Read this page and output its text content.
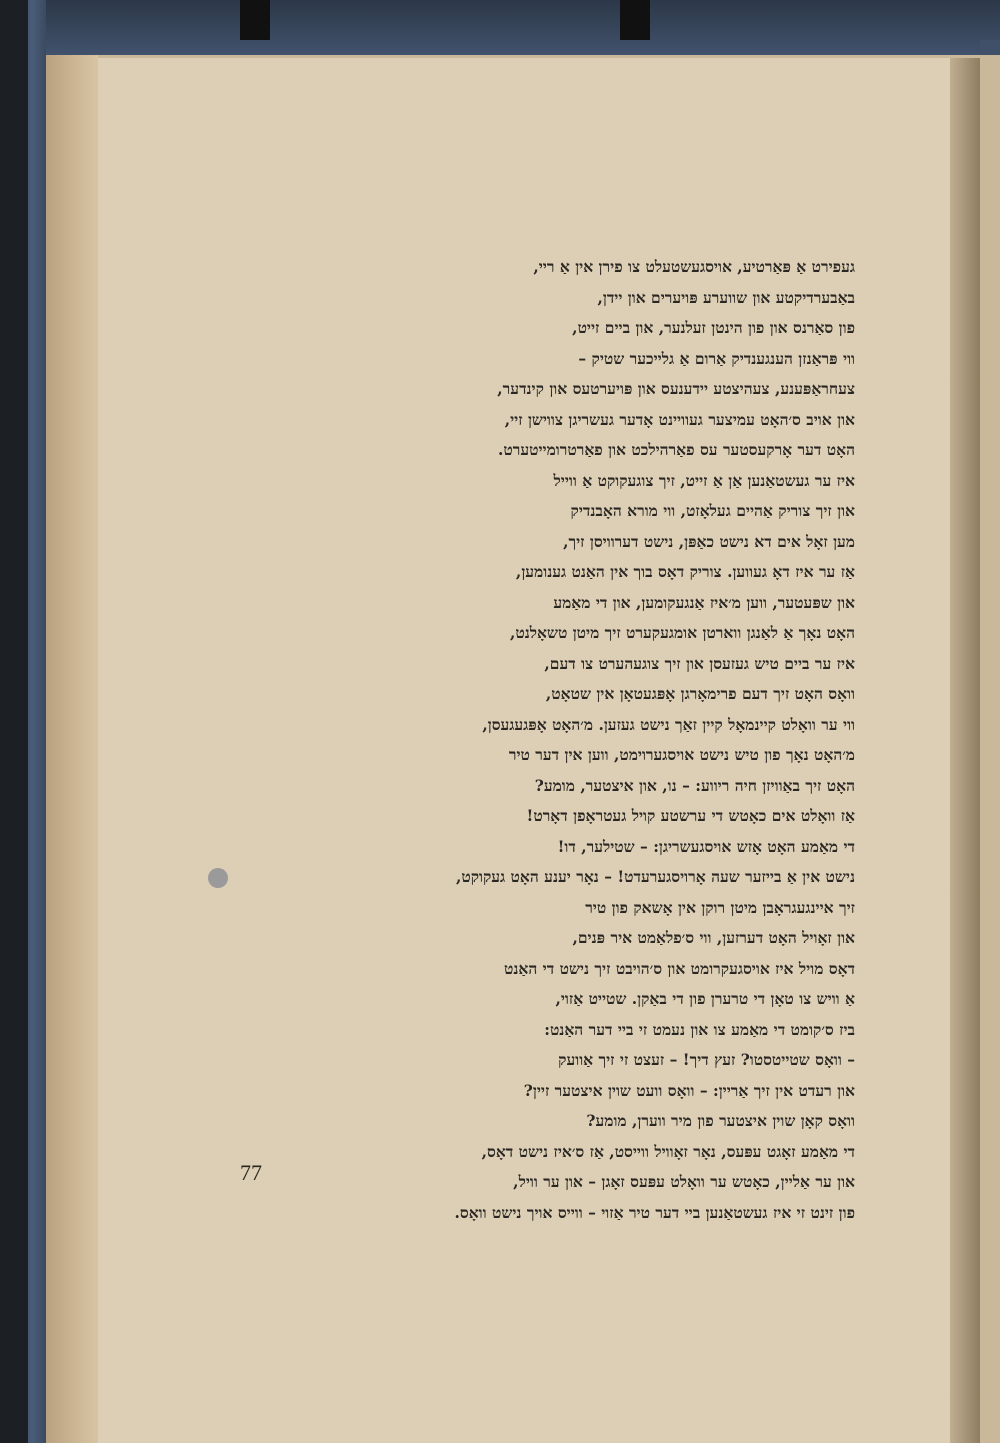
געפירט אַ פּאַרטיע, אויסגעשטעלט צו פירן אין אַ ריי,
באַבערדיקטע און שווערע פּויערים און יידן,
פון סאַרנס און פון הינטן זעלנער, און ביים זייט,
ווי פּראַנזן הענגענדיק אַרום אַ גלייכער שטיק –
צעחראַפּענע, צעהיצטע יידענעס און פּויערטעס און קינדער,
און אויב ס׳האָט עמיצער געוויינט אָדער געשריגן צווישן זיי,
האָט דער אָרקעסטער עס פאַרהילכט און פאַרטרומייטערט.
איז ער געשטאַנען אַן אַ זייט, זיך צוגעקוקט אַ ווייל
און זיך צוריק אַהיים געלאָזט, ווי מורא האָבנדיק
מען זאָל אים דא נישט כאַפּן, נישט דערוויסן זיך,
אַז ער איז דאָ געווען. צוריק דאָס בוך אין האַנט גענומען,
און שפּעטער, ווען מ׳איז אַנגעקומען, און די מאַמע
האָט נאָך אַ לאַנגן ווארטן אומגעקערט זיך מיטן טשאָלנט,
איז ער ביים טיש געזעסן און זיך צוגעהערט צו דעם,
וואָס האָט זיך דעם פרימאָרגן אָפּגעטאָן אין שטאָט,
ווי ער וואָלט קיינמאָל קיין זאַך נישט געזען. מ׳האָט אָפּגעגעסן,
מ׳האָט נאָך פון טיש נישט אויסגערוימט, ווען אין דער טיר
האָט זיך באַוויזן חיה ריווע: – נו, און איצטער, מומע?
אַז וואָלט אים כאָטש די ערשטע קויל געטראָפן דאָרט!
די מאַמע האָט אָזש אויסגעשריגן: – שטילער, דו!
נישט אין אַ בייזער שעה אָרויסגערעדט! – נאָר יענע האָט געקוקט,
זיך איינגעגראָבן מיטן רוקן אין אָשאק פון טיר
און זאָויל האָט דערזען, ווי ס׳פלאַמט איר פּנים,
דאָס מויל איז אויסגעקרומט און ס׳הויבט זיך נישט די האַנט
אַ וויש צו טאָן די טרערן פון די באַקן. שטייט אַזוי,
ביז ס׳קומט די מאַמע צו און נעמט זי ביי דער האַנט:
– וואָס שטייטסטו? זעץ דיך! – זעצט זי זיך אַוועק
און רעדט אין זיך אַריין: – וואָס וועט שוין איצטער זיין?
וואָס קאָן שוין איצטער פון מיר ווערן, מומע?
די מאַמע זאָגט עפּעס, נאָר זאָוויל ווייסט, אַז ס׳איז נישט דאָס,
און ער אַליין, כאָטש ער וואָלט עפּעס זאָגן – און ער וויל,
פון זינט זי איז געשטאַנען ביי דער טיר אַזוי – ווייס אויך נישט וואָס.
77
